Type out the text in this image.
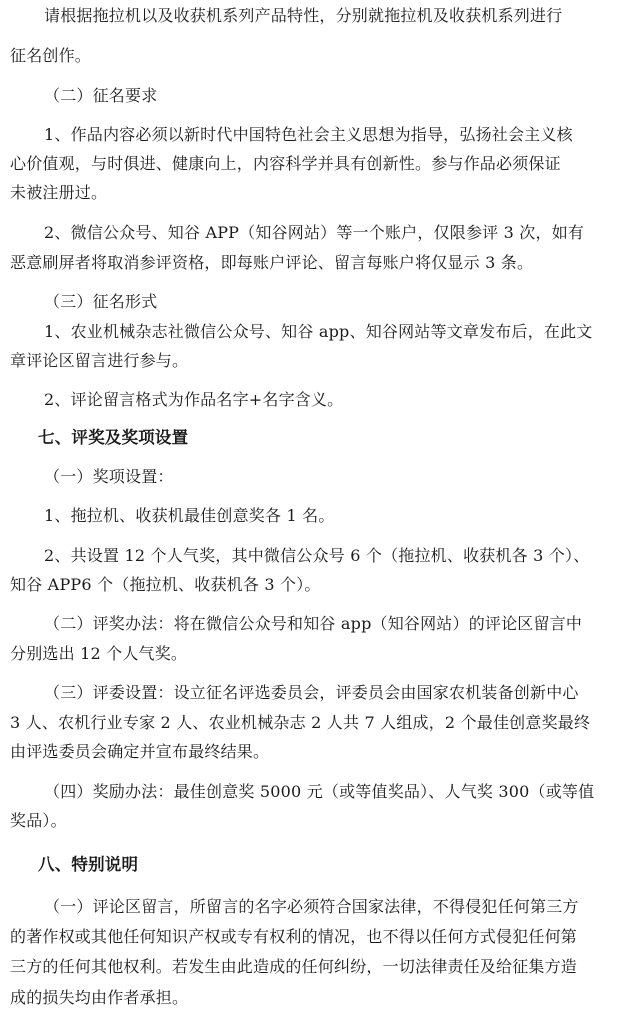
请根据拖拉机以及收获机系列产品特性，分别就拖拉机及收获机系列进行

征名创作。

（二）征名要求

1、作品内容必须以新时代中国特色社会主义思想为指导，弘扬社会主义核

心价值观，与时俱进、健康向上，内容科学并具有创新性。参与作品必须保证

未被注册过。

2、微信公众号、知谷 APP（知谷网站）等一个账户，仅限参评 3 次，如有

恶意刷屏者将取消参评资格，即每账户评论、留言每账户将仅显示 3 条。

（三）征名形式

1、农业机械杂志社微信公众号、知谷 app、知谷网站等文章发布后，在此文

章评论区留言进行参与。

2、评论留言格式为作品名字+名字含义。

七、评奖及奖项设置

（一）奖项设置：

1、拖拉机、收获机最佳创意奖各 1 名。

2、共设置 12 个人气奖，其中微信公众号 6 个（拖拉机、收获机各 3 个）、

知谷 APP6 个（拖拉机、收获机各 3 个）。

（二）评奖办法：将在微信公众号和知谷 app（知谷网站）的评论区留言中

分别选出 12 个人气奖。

（三）评委设置：设立征名评选委员会，评委员会由国家农机装备创新中心

3 人、农机行业专家 2 人、农业机械杂志 2 人共 7 人组成，2 个最佳创意奖最终

由评选委员会确定并宣布最终结果。

（四）奖励办法：最佳创意奖 5000 元（或等值奖品）、人气奖 300（或等值

奖品）。

八、特别说明

（一）评论区留言，所留言的名字必须符合国家法律，不得侵犯任何第三方

的著作权或其他任何知识产权或专有权利的情况，也不得以任何方式侵犯任何第

三方的任何其他权利。若发生由此造成的任何纠纷，一切法律责任及给征集方造

成的损失均由作者承担。
